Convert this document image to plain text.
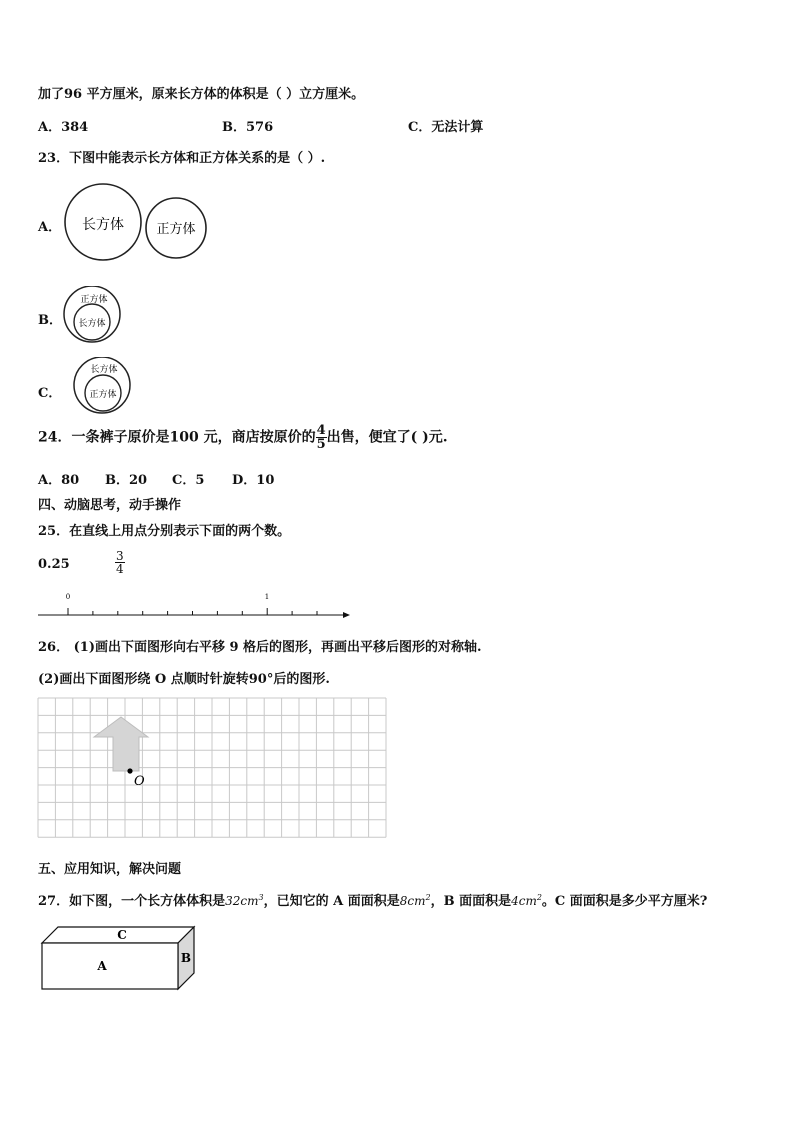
加了96 平方厘米，原来长方体的体积是（ ）立方厘米。
A．384	B．576	C．无法计算
23．下图中能表示长方体和正方体关系的是（ ）.
A． 长方体 正方体
B．
正方体
长方体
C．
长方体
正方体
24．一条裤子原价是100 元，商店按原价的 $\frac{4}{5}$ 出售，便宜了( )元.
A．80 B．20 C．5 D．10
四、动脑思考，动手操作
25．在直线上用点分别表示下面的两个数。
0.25	$\frac{3}{4}$
0	1
26． (1)画出下面图形向右平移 9 格后的图形，再画出平移后图形的对称轴.
(2)画出下面图形绕 O 点顺时针旋转90°后的图形.
O
五、应用知识，解决问题
27．如下图，一个长方体体积是$32cm^3$，已知它的 A 面面积是$8cm^2$，B 面面积是$4cm^2$。C 面面积是多少平方厘米?
C
A
B
